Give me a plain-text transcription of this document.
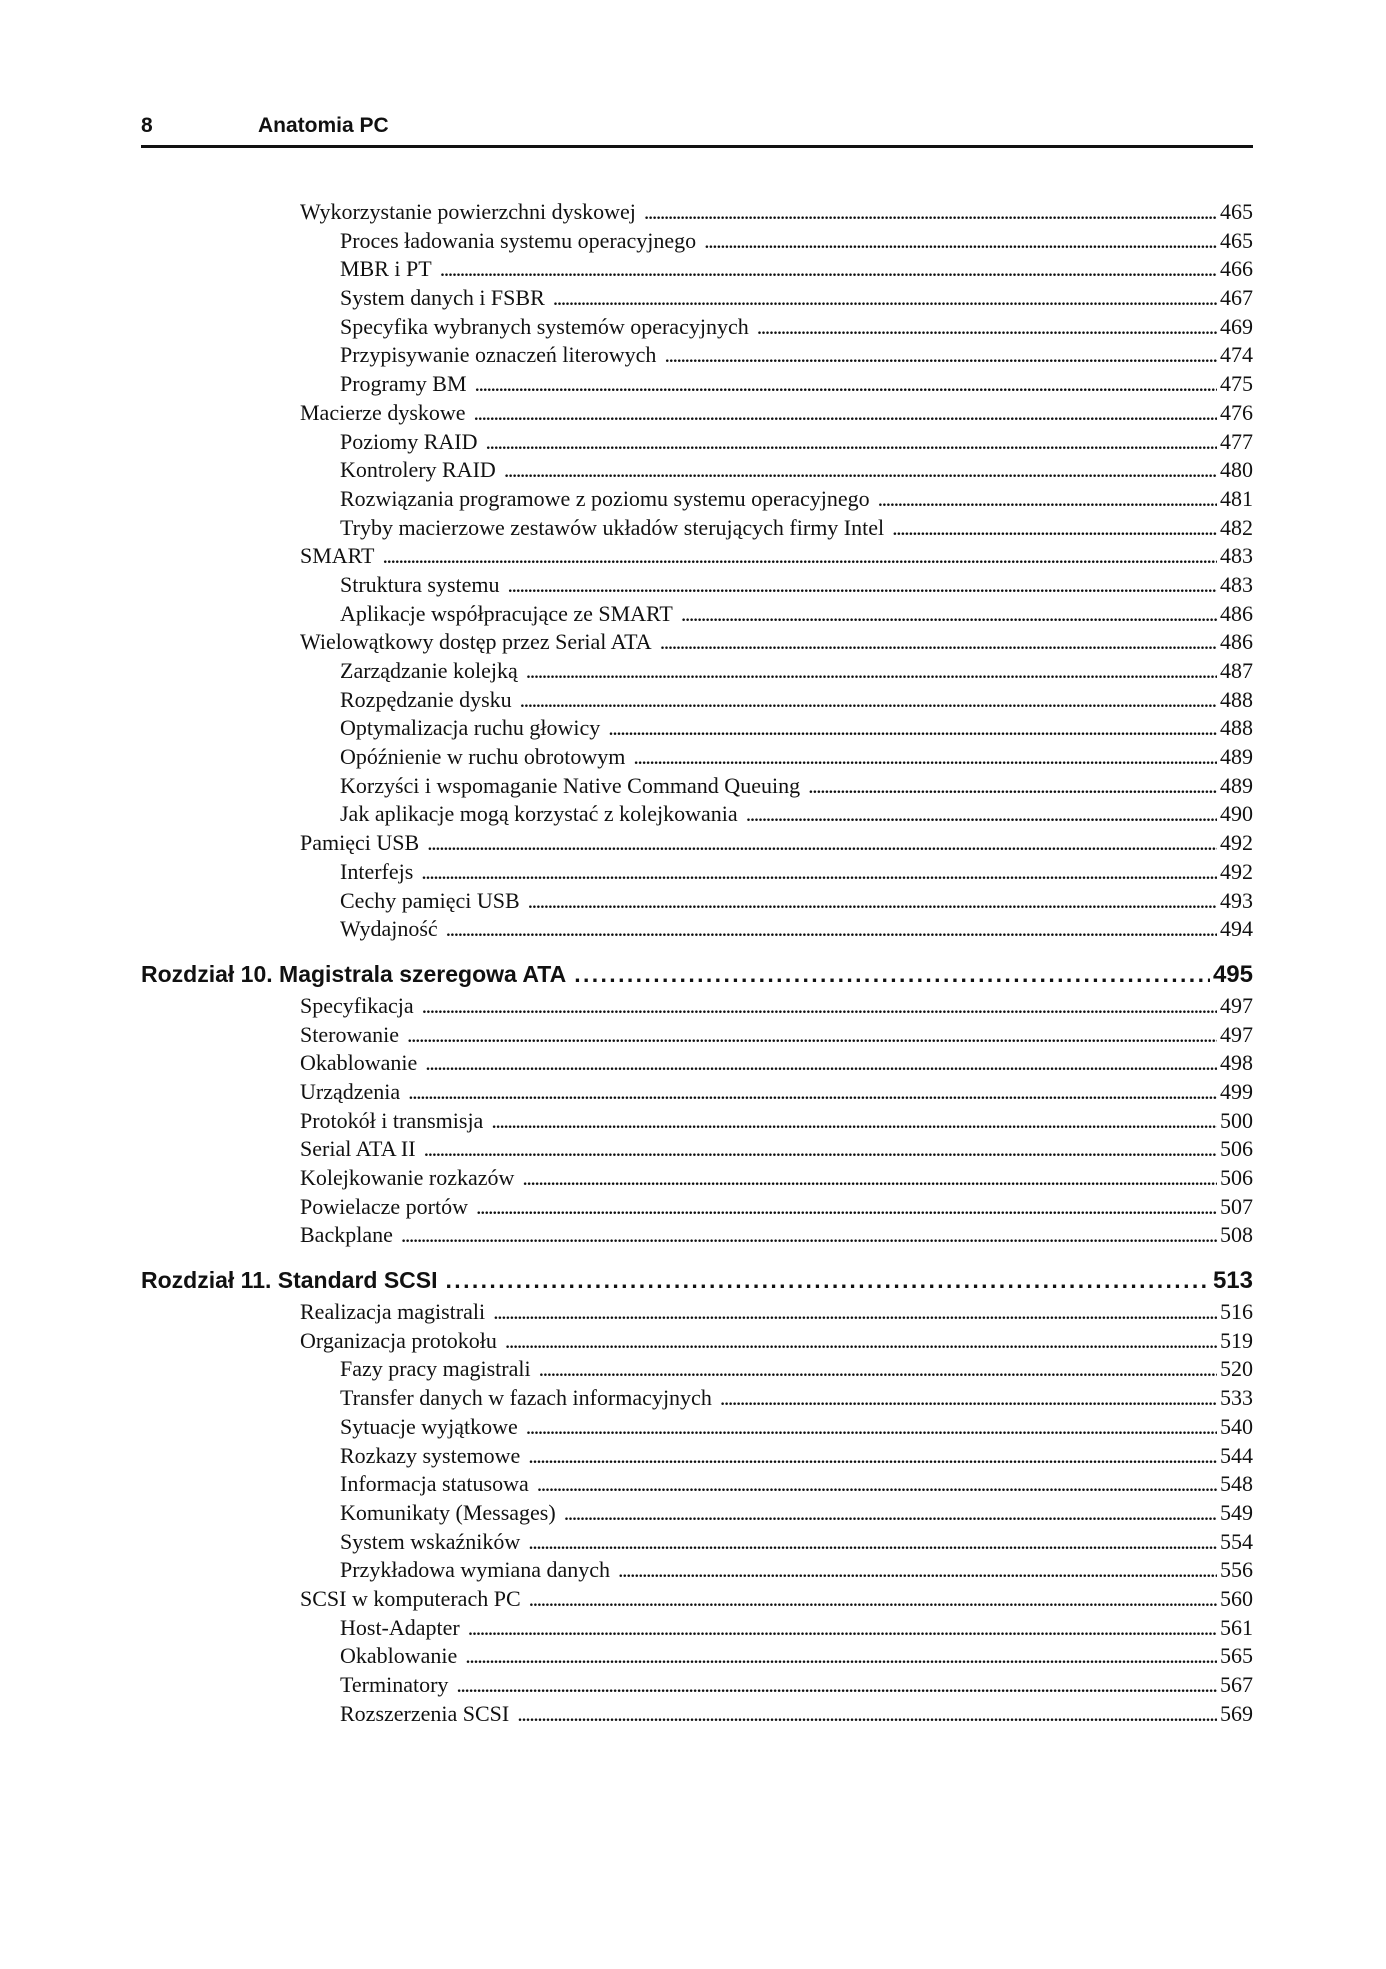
8	Anatomia PC
Wykorzystanie powierzchni dyskowej . . .	465
Proces ładowania systemu operacyjnego . . .	465
MBR i PT . . .	466
System danych i FSBR . . .	467
Specyfika wybranych systemów operacyjnych . . .	469
Przypisywanie oznaczeń literowych . . .	474
Programy BM . . .	475
Macierze dyskowe . . .	476
Poziomy RAID . . .	477
Kontrolery RAID . . .	480
Rozwiązania programowe z poziomu systemu operacyjnego . . .	481
Tryby macierzowe zestawów układów sterujących firmy Intel . . .	482
SMART . . .	483
Struktura systemu . . .	483
Aplikacje współpracujące ze SMART . . .	486
Wielowątkowy dostęp przez Serial ATA . . .	486
Zarządzanie kolejką . . .	487
Rozpędzanie dysku . . .	488
Optymalizacja ruchu głowicy . . .	488
Opóźnienie w ruchu obrotowym . . .	489
Korzyści i wspomaganie Native Command Queuing . . .	489
Jak aplikacje mogą korzystać z kolejkowania . . .	490
Pamięci USB . . .	492
Interfejs . . .	492
Cechy pamięci USB . . .	493
Wydajność . . .	494
Rozdział 10. Magistrala szeregowa ATA . . .	495
Specyfikacja . . .	497
Sterowanie . . .	497
Okablowanie . . .	498
Urządzenia . . .	499
Protokół i transmisja . . .	500
Serial ATA II . . .	506
Kolejkowanie rozkazów . . .	506
Powielacze portów . . .	507
Backplane . . .	508
Rozdział 11. Standard SCSI . . .	513
Realizacja magistrali . . .	516
Organizacja protokołu . . .	519
Fazy pracy magistrali . . .	520
Transfer danych w fazach informacyjnych . . .	533
Sytuacje wyjątkowe . . .	540
Rozkazy systemowe . . .	544
Informacja statusowa . . .	548
Komunikaty (Messages) . . .	549
System wskaźników . . .	554
Przykładowa wymiana danych . . .	556
SCSI w komputerach PC . . .	560
Host-Adapter . . .	561
Okablowanie . . .	565
Terminatory . . .	567
Rozszerzenia SCSI . . .	569
